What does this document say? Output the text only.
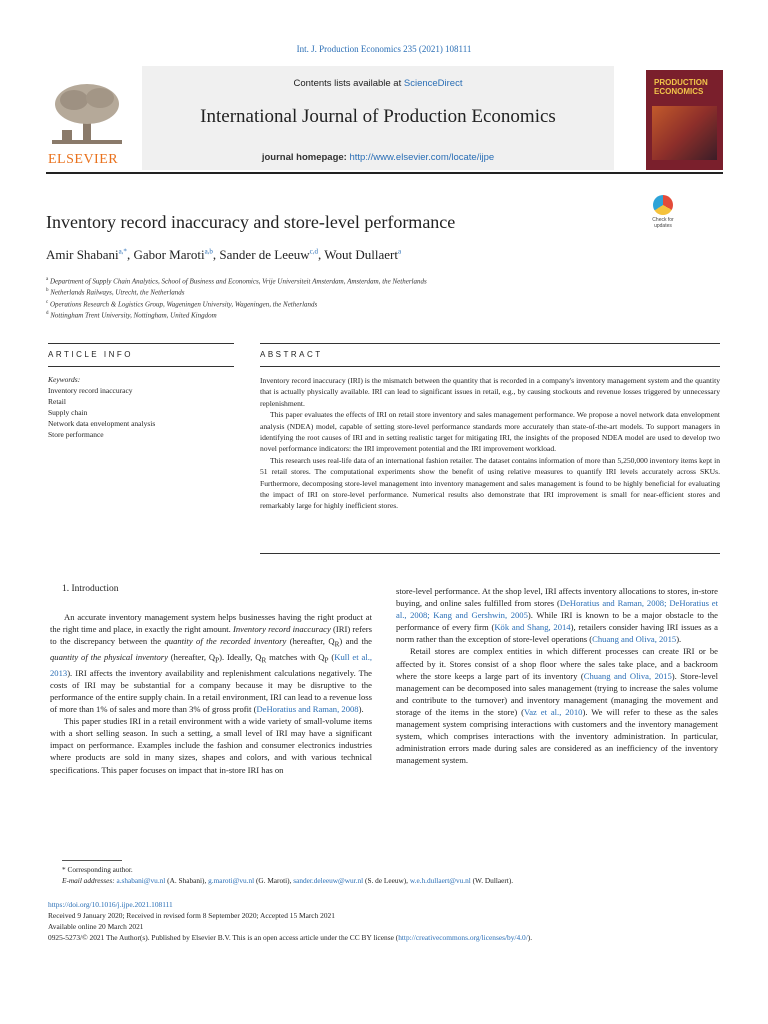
Int. J. Production Economics 235 (2021) 108111
ELSEVIER
Contents lists available at ScienceDirect
International Journal of Production Economics
journal homepage: http://www.elsevier.com/locate/ijpe
PRODUCTION ECONOMICS
Inventory record inaccuracy and store-level performance	Check for updates
Amir Shabani$^{a,*}$, Gabor Maroti$^{a,b}$, Sander de Leeuw$^{c,d}$, Wout Dullaert$^a$
$^a$ Department of Supply Chain Analytics, School of Business and Economics, Vrije Universiteit Amsterdam, Amsterdam, the Netherlands
$^b$ Netherlands Railways, Utrecht, the Netherlands
$^c$ Operations Research & Logistics Group, Wageningen University, Wageningen, the Netherlands
$^d$ Nottingham Trent University, Nottingham, United Kingdom
ARTICLE INFO	ABSTRACT
Keywords:
Inventory record inaccuracy
Retail
Supply chain
Network data envelopment analysis
Store performance

Inventory record inaccuracy (IRI) is the mismatch between the quantity that is recorded in a company's inventory management system and the quantity that is actually physically available. IRI can lead to significant issues in retail, e.g., by causing stockouts and revenue losses triggered by unnecessary replenishment.

This paper evaluates the effects of IRI on retail store inventory and sales management performance. We propose a novel network data envelopment analysis (NDEA) model, capable of setting store-level performance standards more accurately than state-of-the-art models. To support managers in identifying the root causes of IRI and in setting realistic target for mitigating IRI, the insights of the proposed NDEA model are used to develop two novel performance indicators: the IRI improvement potential and the IRI improvement workload.

This research uses real-life data of an international fashion retailer. The dataset contains information of more than 5,250,000 inventory items kept in 51 retail stores. The computational experiments show the benefit of using relative measures to quantify IRI levels accurately across SKUs. Furthermore, decomposing store-level management into inventory management and sales management is found to be highly beneficial for evaluating the impact of IRI on store-level performance. Numerical results also demonstrate that IRI improvement is small for near-efficient stores and remarkably large for highly inefficient stores.

1. Introduction

An accurate inventory management system helps businesses having the right product at the right time and place, in exactly the right amount. Inventory record inaccuracy (IRI) refers to the discrepancy between the quantity of the recorded inventory (hereafter, $Q_R$) and the quantity of the physical inventory (hereafter, $Q_P$). Ideally, $Q_R$ matches with $Q_P$ (Kull et al., 2013). IRI affects the inventory availability and replenishment calculations negatively. The costs of IRI may be substantial for a company because it may be disruptive to the performance of the entire supply chain. In a retail environment, IRI can lead to a revenue loss of more than 1% of sales and more than 3% of gross profit (DeHoratius and Raman, 2008).

This paper studies IRI in a retail environment with a wide variety of small-volume items with a short selling season. In such a setting, a small level of IRI may have a significant impact on performance. Examples include the fashion and consumer electronics industries where products are sold in many sizes, shapes and colors, and with various technical specifications. This paper focuses on impact that in-store IRI has on

store-level performance. At the shop level, IRI affects inventory allocations to stores, in-store buying, and online sales fulfilled from stores (DeHoratius and Raman, 2008; DeHoratius et al., 2008; Kang and Gershwin, 2005). While IRI is known to be a major obstacle to the performance of every firm (Kök and Shang, 2014), retailers consider having IRI issues as a norm rather than the exception of store-level operations (Chuang and Oliva, 2015).

Retail stores are complex entities in which different processes can create IRI or be affected by it. Stores consist of a shop floor where the sales take place, and a backroom where the store keeps a large part of its inventory (Chuang and Oliva, 2015). Store-level management can be decomposed into sales management (trying to increase the sales volume and contribute to the turnover) and inventory management (managing the movement and storage of the items in the store) (Vaz et al., 2010). We will refer to these as the sales management system comprising interactions with customers and the inventory management system, which comprises interactions with the inventory administration. In particular, administration errors made during sales are considered as an inefficiency of the inventory management system.

* Corresponding author.
E-mail addresses: a.shabani@vu.nl (A. Shabani), g.maroti@vu.nl (G. Maroti), sander.deleeuw@wur.nl (S. de Leeuw), w.e.h.dullaert@vu.nl (W. Dullaert).
https://doi.org/10.1016/j.ijpe.2021.108111
Received 9 January 2020; Received in revised form 8 September 2020; Accepted 15 March 2021
Available online 20 March 2021
0925-5273/© 2021 The Author(s). Published by Elsevier B.V. This is an open access article under the CC BY license (http://creativecommons.org/licenses/by/4.0/).
